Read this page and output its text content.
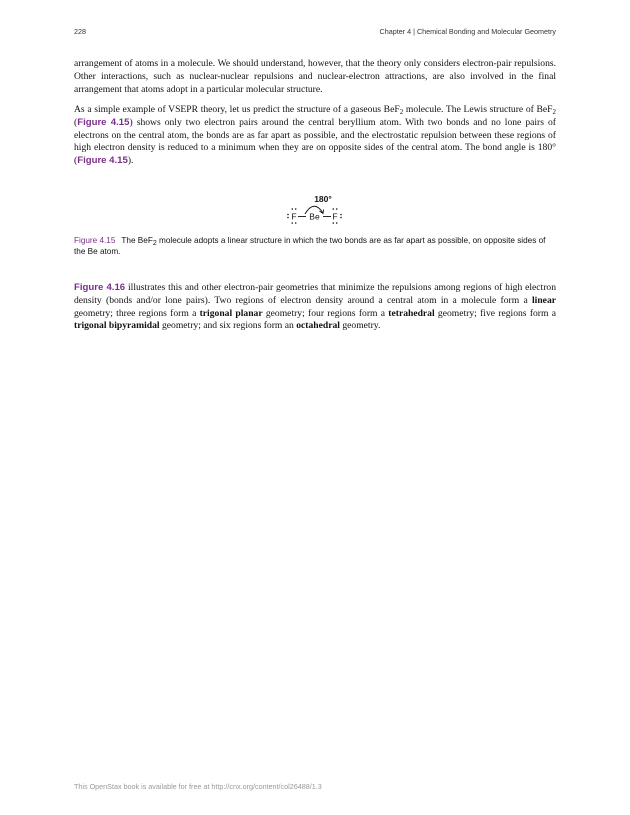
228	Chapter 4 | Chemical Bonding and Molecular Geometry

arrangement of atoms in a molecule. We should understand, however, that the theory only considers electron-pair repulsions. Other interactions, such as nuclear-nuclear repulsions and nuclear-electron attractions, are also involved in the final arrangement that atoms adopt in a particular molecular structure.

As a simple example of VSEPR theory, let us predict the structure of a gaseous BeF$_2$ molecule. The Lewis structure of BeF$_2$ (Figure 4.15) shows only two electron pairs around the central beryllium atom. With two bonds and no lone pairs of electrons on the central atom, the bonds are as far apart as possible, and the electrostatic repulsion between these regions of high electron density is reduced to a minimum when they are on opposite sides of the central atom. The bond angle is 180° (Figure 4.15).

180°
F Be F
Figure 4.15 The BeF2 molecule adopts a linear structure in which the two bonds are as far apart as possible, on opposite sides of the Be atom.

Figure 4.16 illustrates this and other electron-pair geometries that minimize the repulsions among regions of high electron density (bonds and/or lone pairs). Two regions of electron density around a central atom in a molecule form a linear geometry; three regions form a trigonal planar geometry; four regions form a tetrahedral geometry; five regions form a trigonal bipyramidal geometry; and six regions form an octahedral geometry.

This OpenStax book is available for free at http://cnx.org/content/col26488/1.3
